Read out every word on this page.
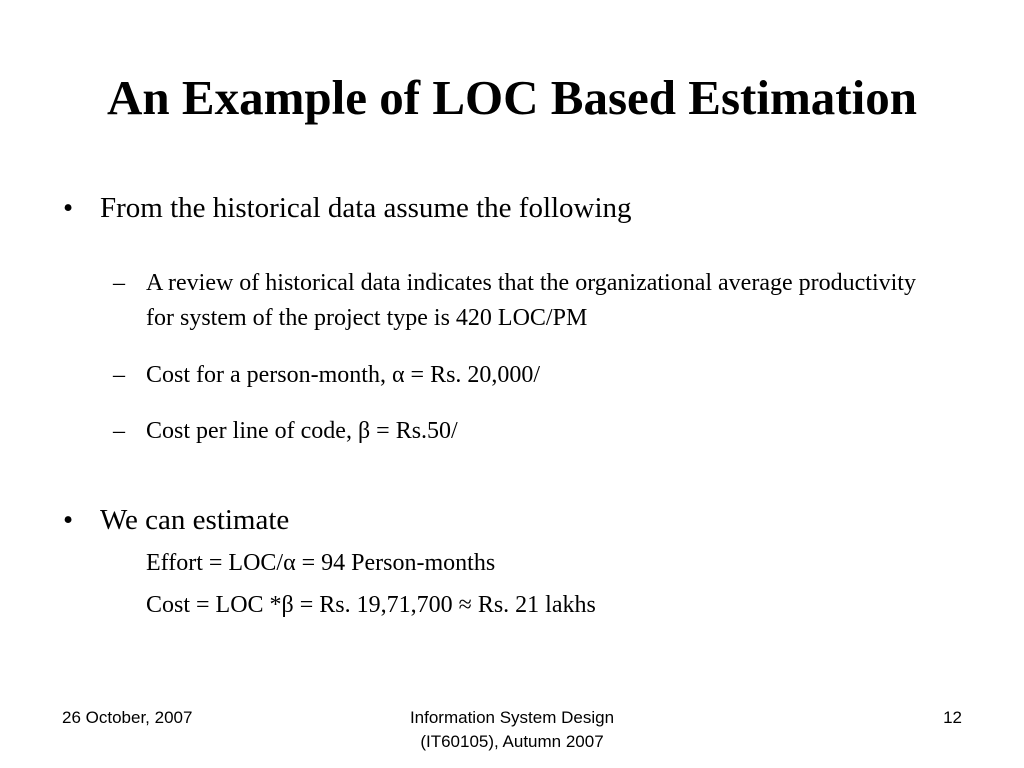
An Example of LOC Based Estimation
• From the historical data assume the following
– A review of historical data indicates that the organizational average productivity for system of the project type is 420 LOC/PM
– Cost for a person-month, α = Rs. 20,000/
– Cost per line of code, β = Rs.50/
• We can estimate
Effort = LOC/α = 94 Person-months
Cost = LOC *β = Rs. 19,71,700 ≈ Rs. 21 lakhs
26 October, 2007	Information System Design
(IT60105), Autumn 2007
12
